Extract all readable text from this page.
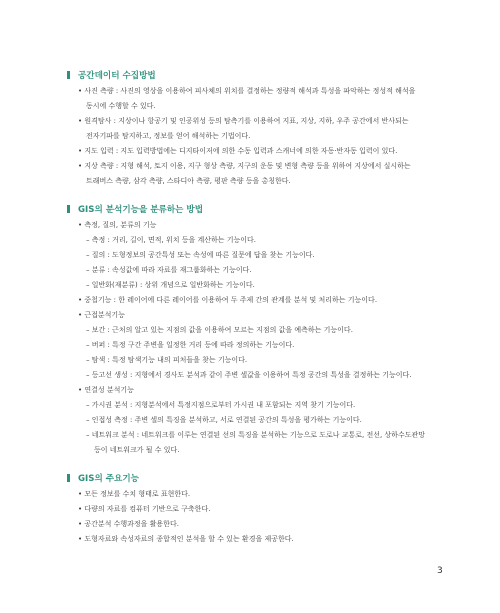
공간데이터 수집방법
• 사진 측량 : 사진의 영상을 이용하여 피사체의 위치를 결정하는 정량적 해석과 특성을 파악하는 정성적 해석을
동시에 수행할 수 있다.
• 원격탐사 : 지상이나 항공기 및 인공위성 등의 탐측기를 이용하여 지표, 지상, 지하, 우주 공간에서 반사되는
전자기파를 탐지하고, 정보를 얻어 해석하는 기법이다.
• 지도 입력 : 지도 입력방법에는 디지타이저에 의한 수동 입력과 스캐너에 의한 자동·반자동 입력이 있다.
• 지상 측량 : 지형 해석, 토지 이용, 지구 형상 측량, 지구의 운동 및 변형 측량 등을 위하여 지상에서 실시하는
트래버스 측량, 삼각 측량, 스타디아 측량, 평판 측량 등을 총칭한다.
GIS의 분석기능을 분류하는 방법
• 측정, 질의, 분류의 기능
– 측정 : 거리, 길이, 면적, 위치 등을 계산하는 기능이다.
– 질의 : 도형정보의 공간특성 또는 속성에 따른 질문에 답을 찾는 기능이다.
– 분류 : 속성값에 따라 자료를 재그룹화하는 기능이다.
– 일반화(재분류) : 상위 개념으로 일반화하는 기능이다.
• 중첩기능 : 한 레이어에 다른 레이어를 이용하여 두 주제 간의 관계를 분석 및 처리하는 기능이다.
• 근접분석기능
– 보간 : 근처의 알고 있는 지점의 값을 이용하여 모르는 지점의 값을 예측하는 기능이다.
– 버퍼 : 특정 구간 주변을 일정한 거리 등에 따라 정의하는 기능이다.
– 탐색 : 특정 탐색기능 내의 피처들을 찾는 기능이다.
– 등고선 생성 : 지형에서 경사도 분석과 같이 주변 셀값을 이용하여 특정 공간의 특성을 결정하는 기능이다.
• 연결성 분석기능
– 가시권 분석 : 지형분석에서 특정지점으로부터 가시권 내 포함되는 지역 찾기 기능이다.
– 인접성 측정 : 주변 셀의 특징을 분석하고, 서로 연결된 공간의 특성을 평가하는 기능이다.
– 네트워크 분석 : 네트워크를 이루는 연결된 선의 특징을 분석하는 기능으로 도로나 교통로, 전선, 상하수도관망
등이 네트워크가 될 수 있다.
GIS의 주요기능
• 모든 정보를 수치 형태로 표현한다.
• 다량의 자료를 컴퓨터 기반으로 구축한다.
• 공간분석 수행과정을 활용한다.
• 도형자료와 속성자료의 종합적인 분석을 할 수 있는 환경을 제공한다.
3
